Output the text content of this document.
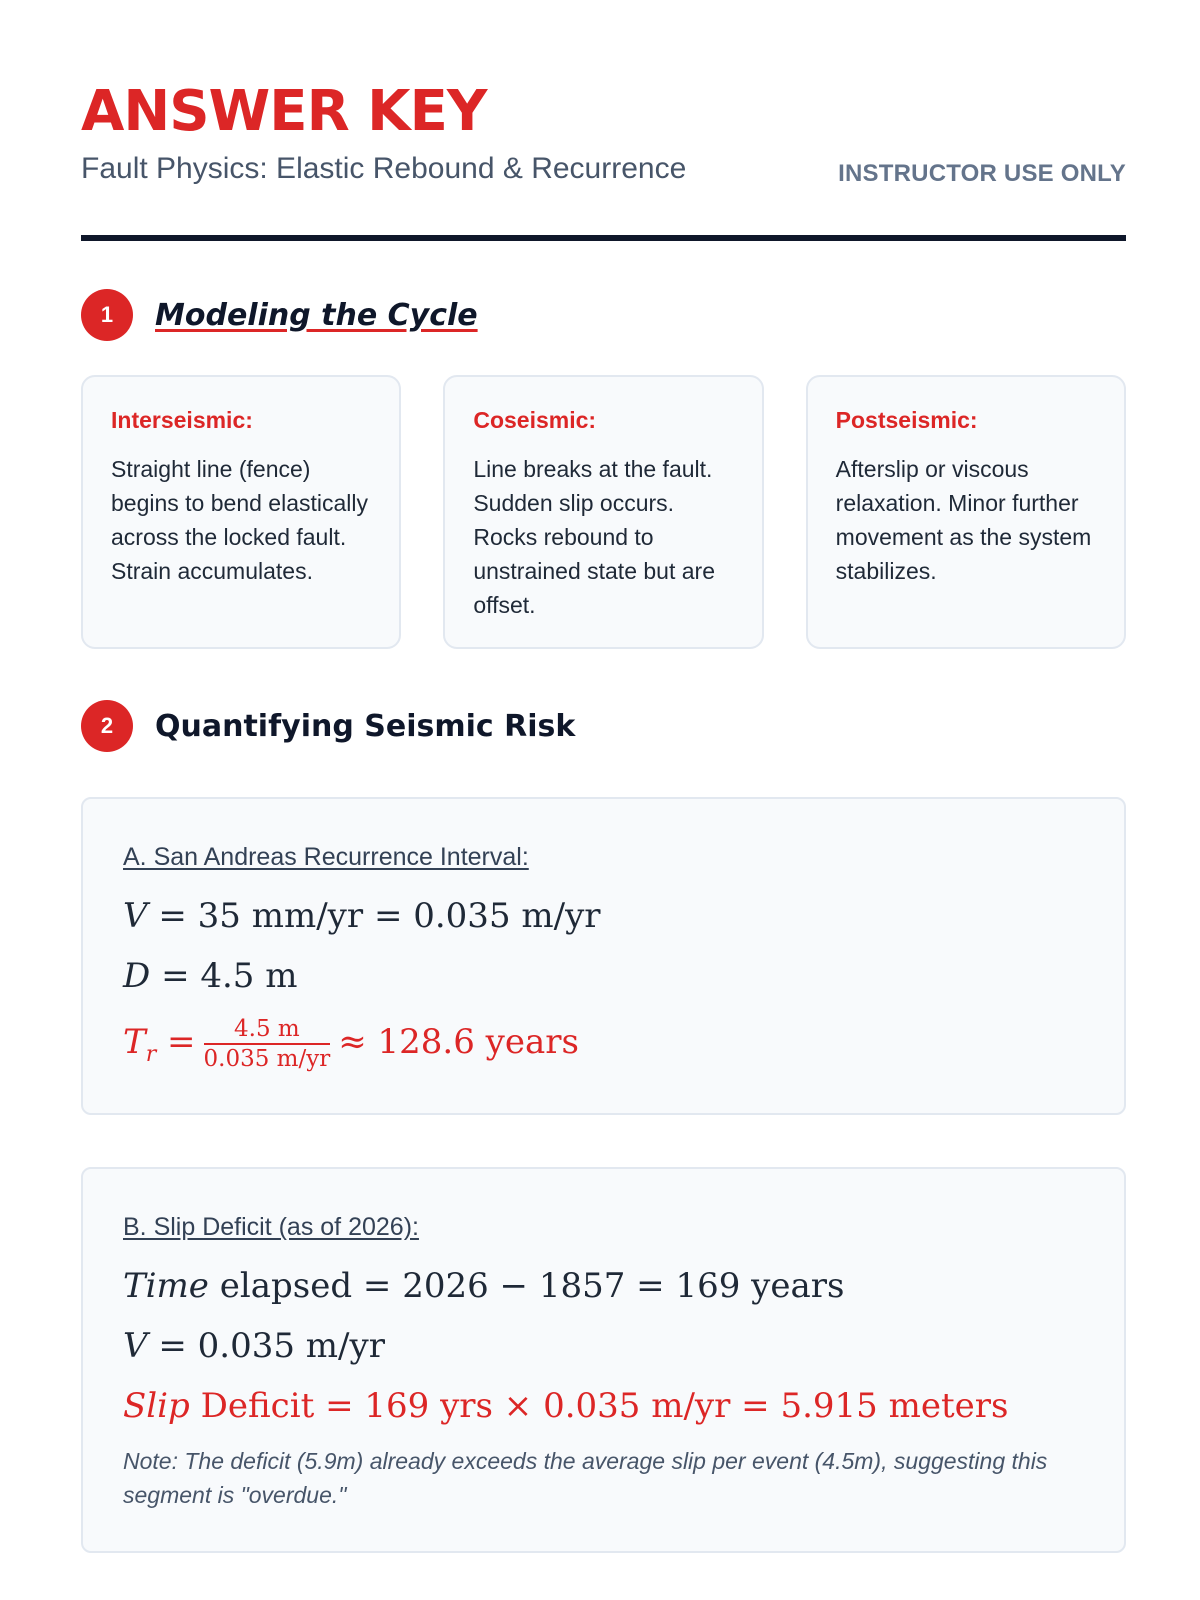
ANSWER KEY
Fault Physics: Elastic Rebound & Recurrence	INSTRUCTOR USE ONLY
1	Modeling the Cycle
Interseismic:
Straight line (fence) begins to bend elastically across the locked fault. Strain accumulates.
Coseismic:
Line breaks at the fault. Sudden slip occurs. Rocks rebound to unstrained state but are offset.
Postseismic:
Afterslip or viscous relaxation. Minor further movement as the system stabilizes.
2	Quantifying Seismic Risk
A. San Andreas Recurrence Interval:
V = 35 mm/yr = 0.035 m/yr
D = 4.5 m
$T_r = \frac{4.5 m}{0.035 m/yr} \approx 128.6$ years
B. Slip Deficit (as of 2026):
Time elapsed = 2026 − 1857 = 169 years
V = 0.035 m/yr
Slip Deficit = 169 yrs × 0.035 m/yr = 5.915 meters
Note: The deficit (5.9m) already exceeds the average slip per event (4.5m), suggesting this segment is "overdue."
